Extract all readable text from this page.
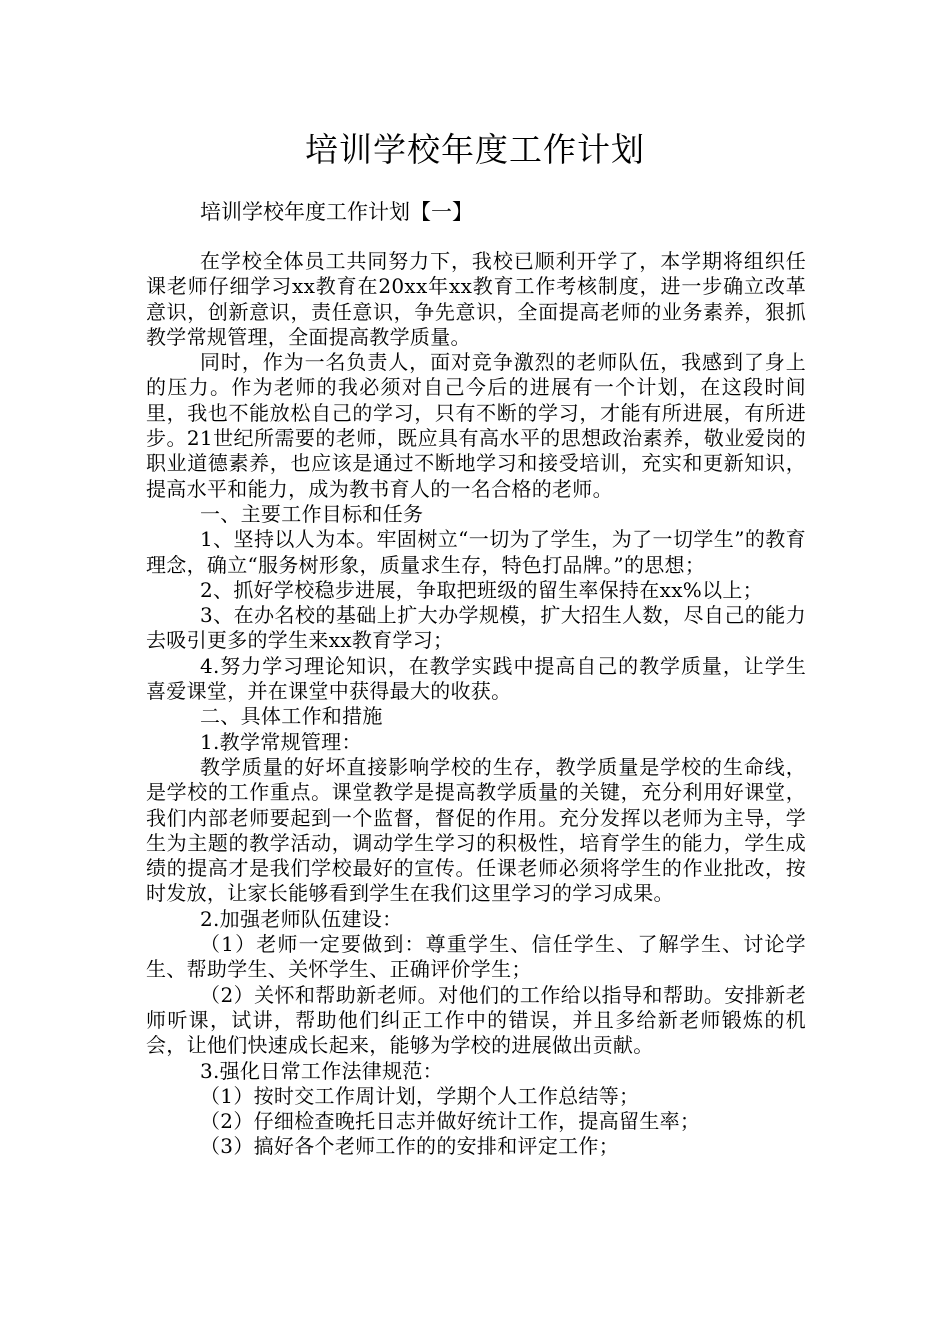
培训学校年度工作计划
培训学校年度工作计划【一】

在学校全体员工共同努力下，我校已顺利开学了，本学期将组织任课老师仔细学习xx教育在20xx年xx教育工作考核制度，进一步确立改革意识，创新意识，责任意识，争先意识，全面提高老师的业务素养，狠抓教学常规管理，全面提高教学质量。

同时，作为一名负责人，面对竞争激烈的老师队伍，我感到了身上的压力。作为老师的我必须对自己今后的进展有一个计划，在这段时间里，我也不能放松自己的学习，只有不断的学习，才能有所进展，有所进步。21世纪所需要的老师，既应具有高水平的思想政治素养，敬业爱岗的职业道德素养，也应该是通过不断地学习和接受培训，充实和更新知识，提高水平和能力，成为教书育人的一名合格的老师。

一、主要工作目标和任务

1、坚持以人为本。牢固树立“一切为了学生，为了一切学生”的教育理念，确立“服务树形象，质量求生存，特色打品牌。”的思想；

2、抓好学校稳步进展，争取把班级的留生率保持在xx%以上；

3、在办名校的基础上扩大办学规模，扩大招生人数，尽自己的能力去吸引更多的学生来xx教育学习；

4.努力学习理论知识，在教学实践中提高自己的教学质量，让学生喜爱课堂，并在课堂中获得最大的收获。

二、具体工作和措施

1.教学常规管理：

教学质量的好坏直接影响学校的生存，教学质量是学校的生命线，是学校的工作重点。课堂教学是提高教学质量的关键，充分利用好课堂，我们内部老师要起到一个监督，督促的作用。充分发挥以老师为主导，学生为主题的教学活动，调动学生学习的积极性，培育学生的能力，学生成绩的提高才是我们学校最好的宣传。任课老师必须将学生的作业批改，按时发放，让家长能够看到学生在我们这里学习的学习成果。

2.加强老师队伍建设：

（1）老师一定要做到：尊重学生、信任学生、了解学生、讨论学生、帮助学生、关怀学生、正确评价学生；

（2）关怀和帮助新老师。对他们的工作给以指导和帮助。安排新老师听课，试讲，帮助他们纠正工作中的错误，并且多给新老师锻炼的机会，让他们快速成长起来，能够为学校的进展做出贡献。

3.强化日常工作法律规范：

（1）按时交工作周计划，学期个人工作总结等；

（2）仔细检查晚托日志并做好统计工作，提高留生率；

（3）搞好各个老师工作的的安排和评定工作；
